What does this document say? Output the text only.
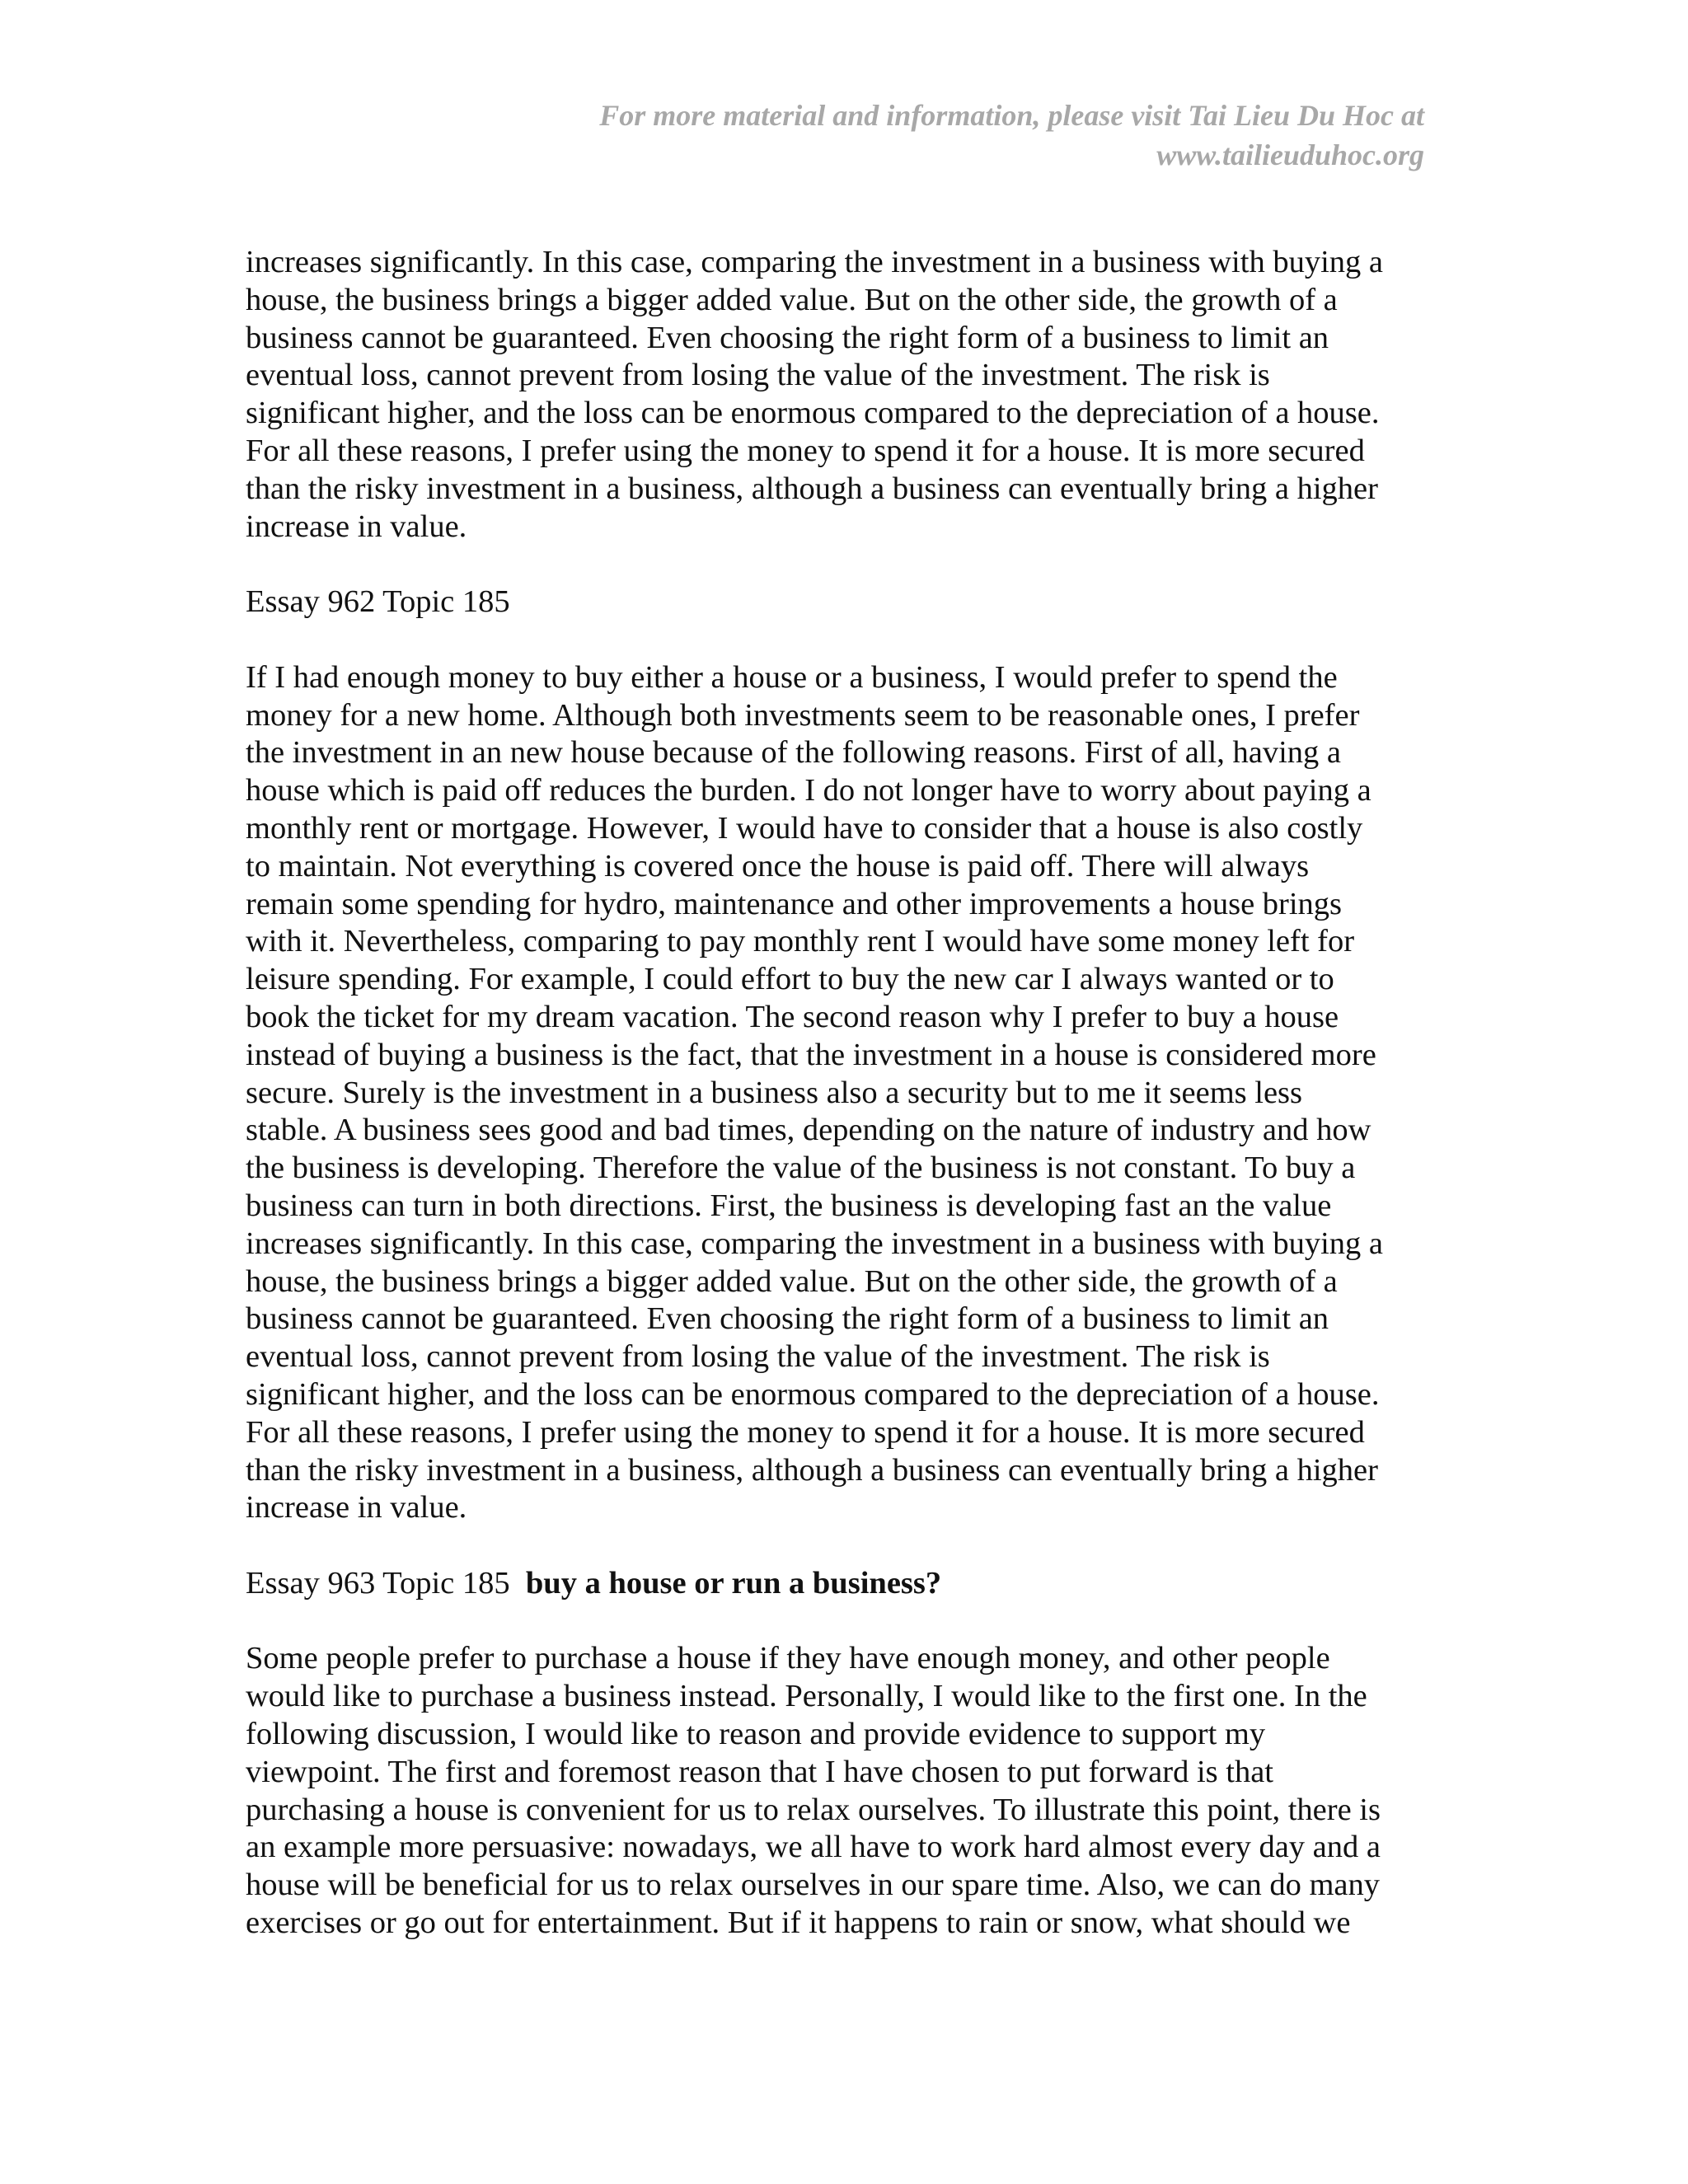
For more material and information, please visit Tai Lieu Du Hoc at
www.tailieuduhoc.org
increases significantly. In this case, comparing the investment in a business with buying a
house, the business brings a bigger added value. But on the other side, the growth of a
business cannot be guaranteed. Even choosing the right form of a business to limit an
eventual loss, cannot prevent from losing the value of the investment. The risk is
significant higher, and the loss can be enormous compared to the depreciation of a house.
For all these reasons, I prefer using the money to spend it for a house. It is more secured
than the risky investment in a business, although a business can eventually bring a higher
increase in value.
Essay 962 Topic 185
If I had enough money to buy either a house or a business, I would prefer to spend the
money for a new home. Although both investments seem to be reasonable ones, I prefer
the investment in an new house because of the following reasons. First of all, having a
house which is paid off reduces the burden. I do not longer have to worry about paying a
monthly rent or mortgage. However, I would have to consider that a house is also costly
to maintain. Not everything is covered once the house is paid off. There will always
remain some spending for hydro, maintenance and other improvements a house brings
with it. Nevertheless, comparing to pay monthly rent I would have some money left for
leisure spending. For example, I could effort to buy the new car I always wanted or to
book the ticket for my dream vacation. The second reason why I prefer to buy a house
instead of buying a business is the fact, that the investment in a house is considered more
secure. Surely is the investment in a business also a security but to me it seems less
stable. A business sees good and bad times, depending on the nature of industry and how
the business is developing. Therefore the value of the business is not constant. To buy a
business can turn in both directions. First, the business is developing fast an the value
increases significantly. In this case, comparing the investment in a business with buying a
house, the business brings a bigger added value. But on the other side, the growth of a
business cannot be guaranteed. Even choosing the right form of a business to limit an
eventual loss, cannot prevent from losing the value of the investment. The risk is
significant higher, and the loss can be enormous compared to the depreciation of a house.
For all these reasons, I prefer using the money to spend it for a house. It is more secured
than the risky investment in a business, although a business can eventually bring a higher
increase in value.
Essay 963 Topic 185 buy a house or run a business?
Some people prefer to purchase a house if they have enough money, and other people
would like to purchase a business instead. Personally, I would like to the first one. In the
following discussion, I would like to reason and provide evidence to support my
viewpoint. The first and foremost reason that I have chosen to put forward is that
purchasing a house is convenient for us to relax ourselves. To illustrate this point, there is
an example more persuasive: nowadays, we all have to work hard almost every day and a
house will be beneficial for us to relax ourselves in our spare time. Also, we can do many
exercises or go out for entertainment. But if it happens to rain or snow, what should we
